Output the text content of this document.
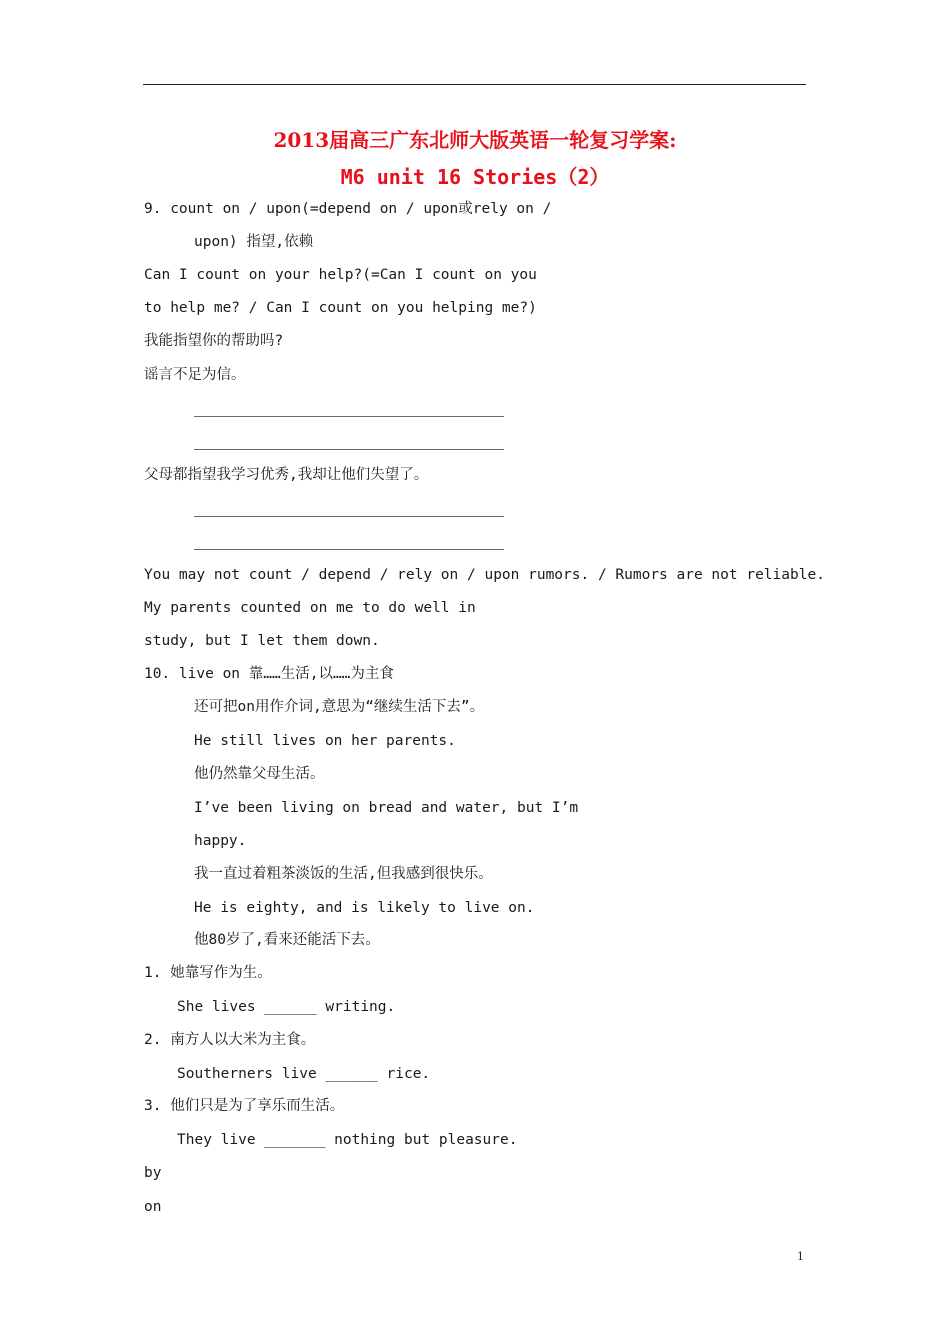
2013届高三广东北师大版英语一轮复习学案:
M6 unit 16 Stories（2）
9. count on / upon(=depend on / upon或rely on /
upon) 指望,依赖
Can I count on your help?(=Can I count on you
to help me? / Can I count on you helping me?)
我能指望你的帮助吗?
谣言不足为信。
父母都指望我学习优秀,我却让他们失望了。
You may not count / depend / rely on / upon rumors. / Rumors are not reliable.
My parents counted on me to do well in
study, but I let them down.
10. live on 靠……生活,以……为主食
还可把on用作介词,意思为“继续生活下去”。
He still lives on her parents.
他仍然靠父母生活。
I’ve been living on bread and water, but I’m
happy.
我一直过着粗茶淡饭的生活,但我感到很快乐。
He is eighty, and is likely to live on.
他80岁了,看来还能活下去。
1. 她靠写作为生。
She lives ______ writing.
2. 南方人以大米为主食。
Southerners live ______ rice.
3. 他们只是为了享乐而生活。
They live _______ nothing but pleasure.
by
on
1
